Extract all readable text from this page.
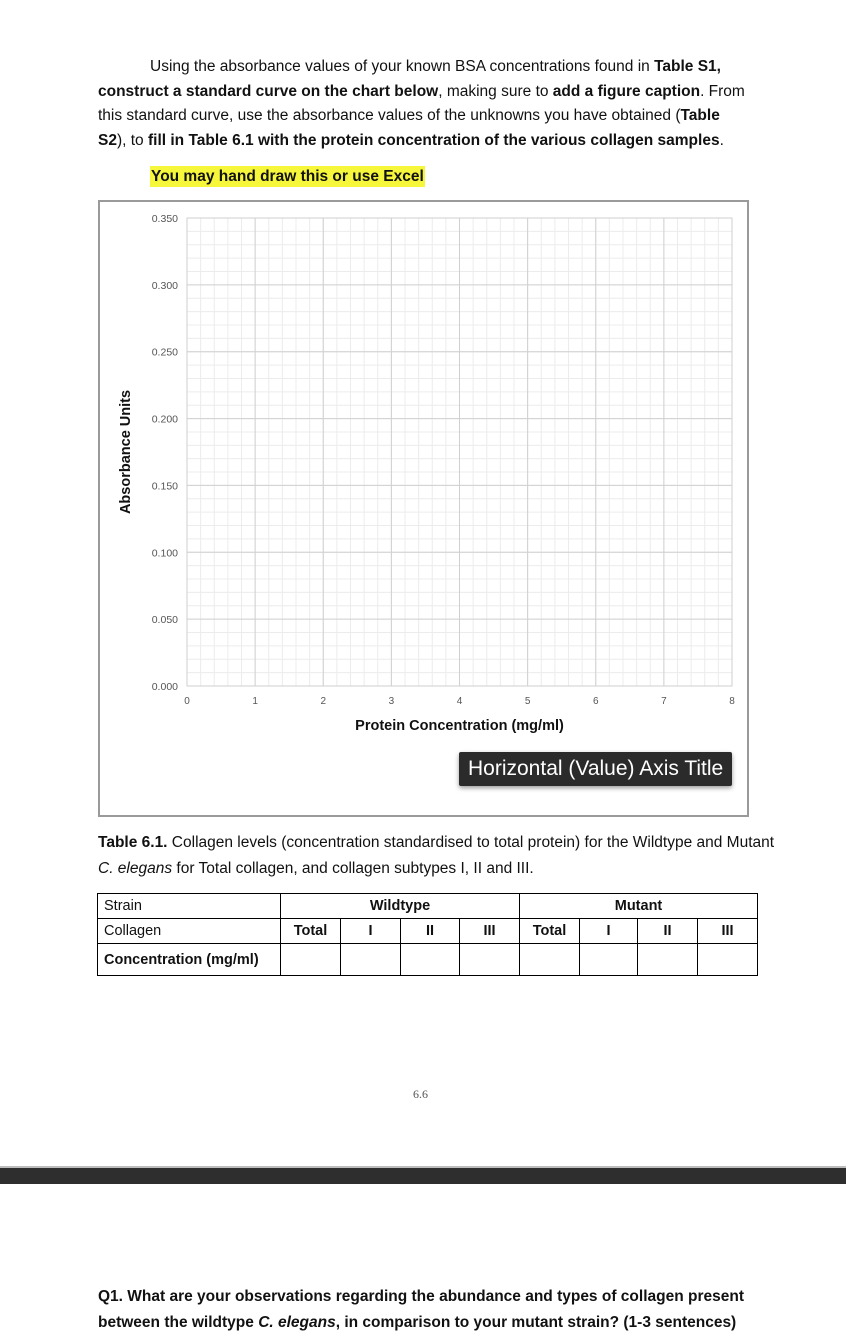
Using the absorbance values of your known BSA concentrations found in Table S1, construct a standard curve on the chart below, making sure to add a figure caption. From this standard curve, use the absorbance values of the unknowns you have obtained (Table S2), to fill in Table 6.1 with the protein concentration of the various collagen samples.
You may hand draw this or use Excel
0	1	2	3	4	5	6	7	8
0.000
0.050
0.100
0.150
0.200
0.250
0.300
0.350
Protein Concentration (mg/ml)
Absorbance Units
Horizontal (Value) Axis Title
Table 6.1. Collagen levels (concentration standardised to total protein) for the Wildtype and Mutant C. elegans for Total collagen, and collagen subtypes I, II and III.
Strain	Wildtype				Mutant			
Collagen	Total	I	II	III	Total	I	II	III
Concentration (mg/ml)								
6.6
Q1. What are your observations regarding the abundance and types of collagen present between the wildtype C. elegans, in comparison to your mutant strain? (1-3 sentences)
